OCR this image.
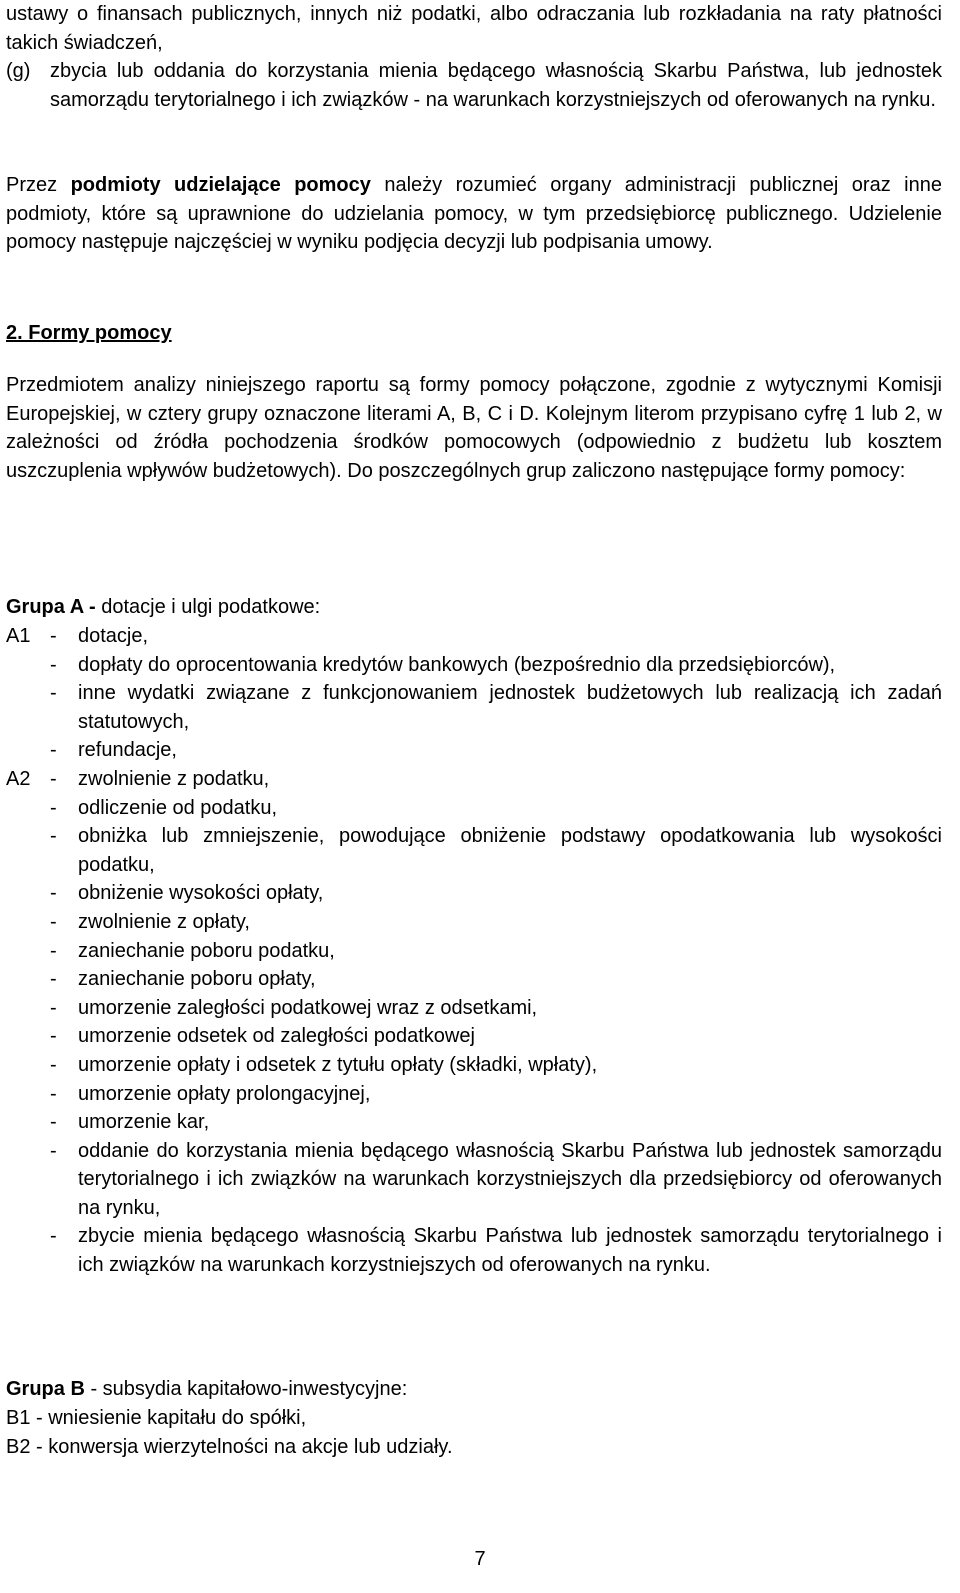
ustawy o finansach publicznych, innych niż podatki, albo odraczania lub rozkładania na raty płatności takich świadczeń,

(g) zbycia lub oddania do korzystania mienia będącego własnością Skarbu Państwa, lub jednostek samorządu terytorialnego i ich związków - na warunkach korzystniejszych od oferowanych na rynku.

Przez podmioty udzielające pomocy należy rozumieć organy administracji publicznej oraz inne podmioty, które są uprawnione do udzielania pomocy, w tym przedsiębiorcę publicznego. Udzielenie pomocy następuje najczęściej w wyniku podjęcia decyzji lub podpisania umowy.

2. Formy pomocy

Przedmiotem analizy niniejszego raportu są formy pomocy połączone, zgodnie z wytycznymi Komisji Europejskiej, w cztery grupy oznaczone literami A, B, C i D. Kolejnym literom przypisano cyfrę 1 lub 2, w zależności od źródła pochodzenia środków pomocowych (odpowiednio z budżetu lub kosztem uszczuplenia wpływów budżetowych). Do poszczególnych grup zaliczono następujące formy pomocy:

Grupa A - dotacje i ulgi podatkowe:
A1 -	dotacje,
-	dopłaty do oprocentowania kredytów bankowych (bezpośrednio dla przedsiębiorców),
-	inne wydatki związane z funkcjonowaniem jednostek budżetowych lub realizacją ich zadań statutowych,
-	refundacje,
A2 -	zwolnienie z podatku,
-	odliczenie od podatku,
-	obniżka lub zmniejszenie, powodujące obniżenie podstawy opodatkowania lub wysokości podatku,
-	obniżenie wysokości opłaty,
-	zwolnienie z opłaty,
-	zaniechanie poboru podatku,
-	zaniechanie poboru opłaty,
-	umorzenie zaległości podatkowej wraz z odsetkami,
-	umorzenie odsetek od zaległości podatkowej
-	umorzenie opłaty i odsetek z tytułu opłaty (składki, wpłaty),
-	umorzenie opłaty prolongacyjnej,
-	umorzenie kar,
-	oddanie do korzystania mienia będącego własnością Skarbu Państwa lub jednostek samorządu terytorialnego i ich związków na warunkach korzystniejszych dla przedsiębiorcy od oferowanych na rynku,
-	zbycie mienia będącego własnością Skarbu Państwa lub jednostek samorządu terytorialnego i ich związków na warunkach korzystniejszych od oferowanych na rynku.
Grupa B - subsydia kapitałowo-inwestycyjne:
B1 - wniesienie kapitału do spółki,
B2 - konwersja wierzytelności na akcje lub udziały.
7
